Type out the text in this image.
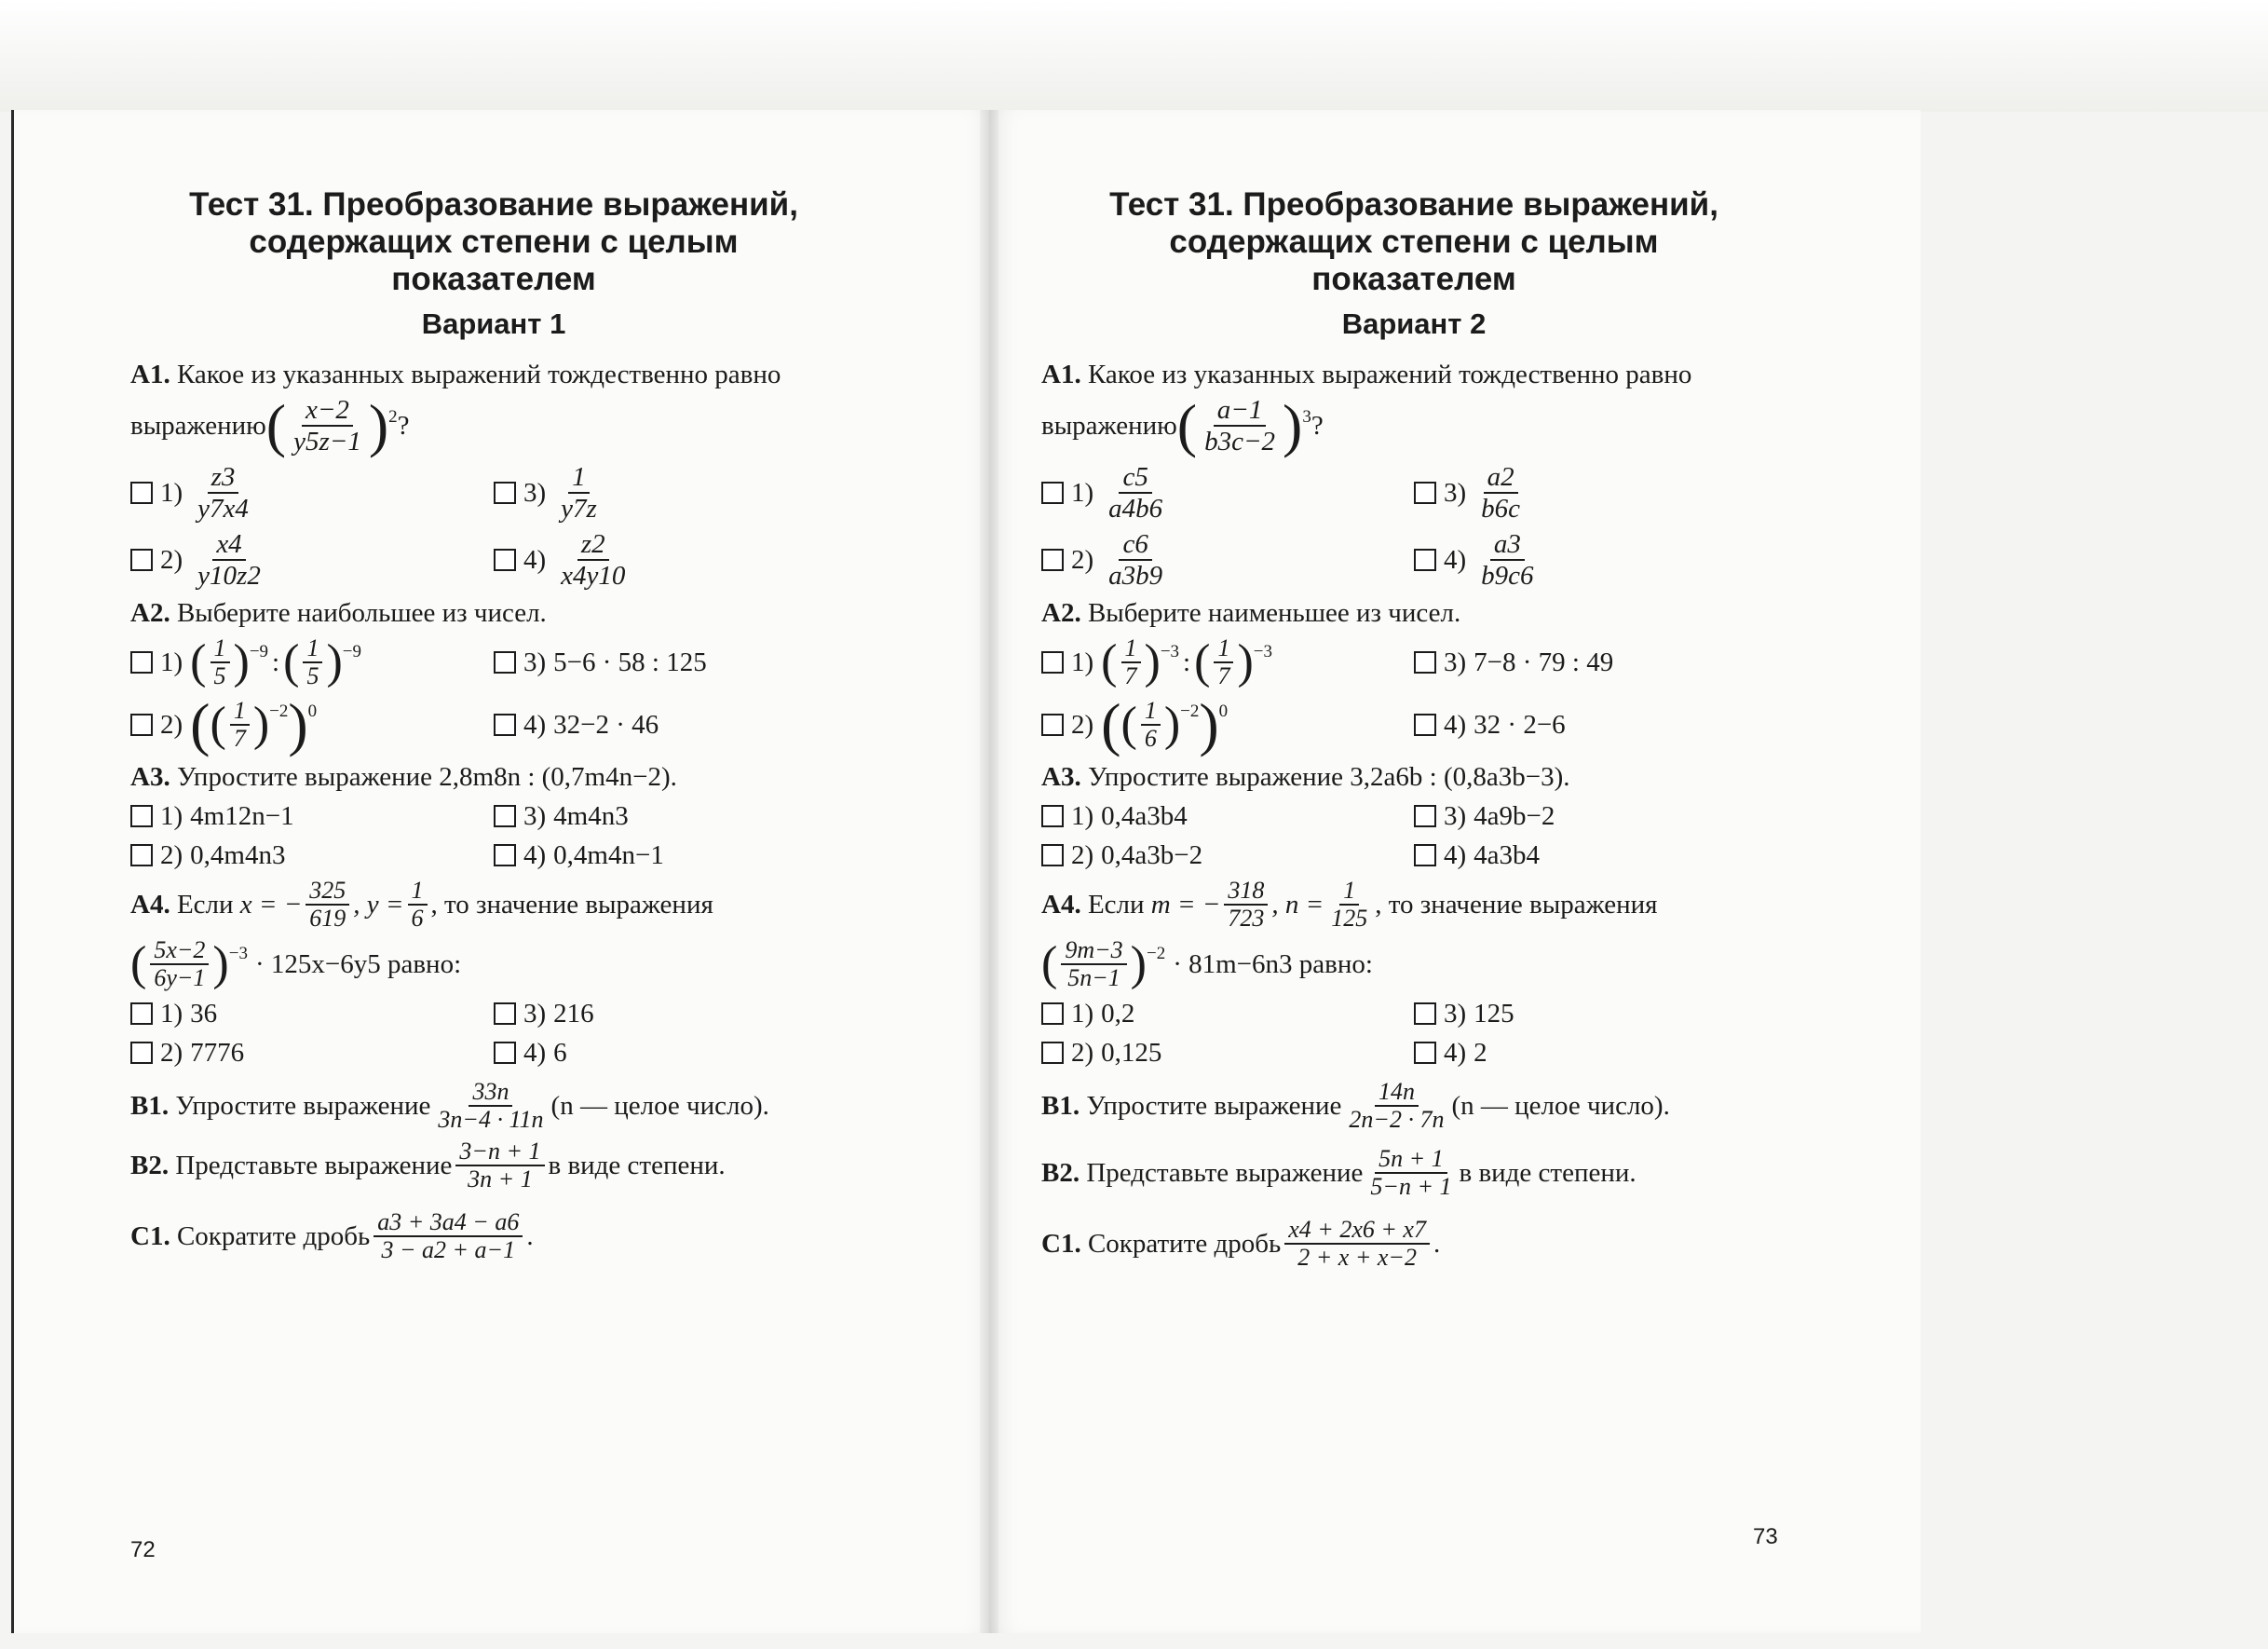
Тест 31. Преобразование выражений,
содержащих степени с целым
показателем
Вариант 1
А1. Какое из указанных выражений тождественно равно
выражению ( $\frac{x-2}{y5z-1} )^2$ ?
$1) \frac{z3}{y7x4}$	$3) \frac{1}{y7z}$
$2) \frac{x4}{y10z2}$	$4) \frac{z2}{x4y10}$
А2. Выберите наибольшее из чисел.
1) ( $\frac{1}{5} )^{-9}$ : ( $\frac{1}{5} )^{-9}$	3) 5−6 · 58 : 125
2) ( ( $\frac{1}{7} )^{-2}$ )$^0$	4) 32−2 · 46
А3. Упростите выражение 2,8m8n : (0,7m4n−2).
1) 4m12n−1	3) 4m4n3
2) 0,4m4n3	4) 0,4m4n−1
А4.
Если
x = − $\frac{325}{619}$ , $y = \frac{1}{6}$ , то значение выражения
( $\frac{5x-2}{6y-1} )^{-3} \cdot 125x-6y5$ равно:
1) 36	3) 216
2) 7776	4) 6
В1.
Упростите выражение $\frac{33n}{3n-4 \cdot 11n} (n$ — целое число).
В2.
Представьте выражение $\frac{3-n + 1}{3n + 1}$ в виде степени.
С1.
Сократите дробь $\frac{a3 + 3a4 - a6}{3 - a2 + a-1}$ .
72
Тест 31. Преобразование выражений,
содержащих степени с целым
показателем
Вариант 2
А1. Какое из указанных выражений тождественно равно
выражению ( $\frac{a-1}{b3c-2} )^3$ ?
$1) \frac{c5}{a4b6}$	$3) \frac{a2}{b6c}$
$2) \frac{c6}{a3b9}$	$4) \frac{a3}{b9c6}$
А2. Выберите наименьшее из чисел.
1) ( $\frac{1}{7} )^{-3}$ : ( $\frac{1}{7} )^{-3}$	3) 7−8 · 79 : 49
2) ( ( $\frac{1}{6} )^{-2}$ )$^0$	4) 32 · 2−6
А3. Упростите выражение 3,2a6b : (0,8a3b−3).
1) 0,4a3b4	3) 4a9b−2
2) 0,4a3b−2	4) 4a3b4
А4.
Если
m = − $\frac{318}{723}$ , $n = \frac{1}{125}$ , то значение выражения
( $\frac{9m-3}{5n-1} )^{-2} \cdot 81m-6n3$ равно:
1) 0,2	3) 125
2) 0,125	4) 2
В1.
Упростите выражение $\frac{14n}{2n-2 \cdot 7n} (n$ — целое число).
В2.
Представьте выражение $\frac{5n + 1}{5-n + 1}$ в виде степени.
С1.
Сократите дробь $\frac{x4 + 2x6 + x7}{2 + x + x-2}$ .
73
